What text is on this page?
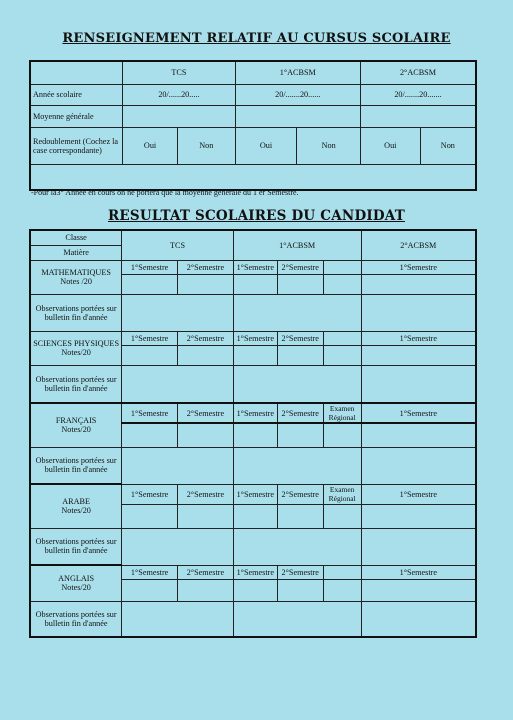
RENSEIGNEMENT RELATIF AU CURSUS SCOLAIRE
	TCS		1°ACBSM		2°ACBSM	
Année scolaire	20/......20.....		20/.......20......		20/.......20.......	
Moyenne générale						
Redoublement (Cochez la case correspondante)	Oui	Non	Oui	Non	Oui	Non

-Pour la3° Année en cours on ne portera que la moyenne générale du 1 er Semestre.
RESULTAT SCOLAIRES DU CANDIDAT
Classe	TCS		1°ACBSM			2°ACBSM
Matière						
MATHEMATIQUES
Notes /20	1°Semestre	2°Semestre	1°Semestre	2°Semestre		1°Semestre

Observations portées sur bulletin fin d'année						
SCIENCES PHYSIQUES
Notes/20	1°Semestre	2°Semestre	1°Semestre	2°Semestre		1°Semestre

Observations portées sur bulletin fin d'année						
FRANÇAIS
Notes/20	1°Semestre	2°Semestre	1°Semestre	2°Semestre	Examen Régional	1°Semestre

Observations portées sur bulletin fin d'année						
ARABE
Notes/20	1°Semestre	2°Semestre	1°Semestre	2°Semestre	Examen Régional	1°Semestre

Observations portées sur bulletin fin d'année						
ANGLAIS
Notes/20	1°Semestre	2°Semestre	1°Semestre	2°Semestre		1°Semestre

Observations portées sur bulletin fin d'année						
